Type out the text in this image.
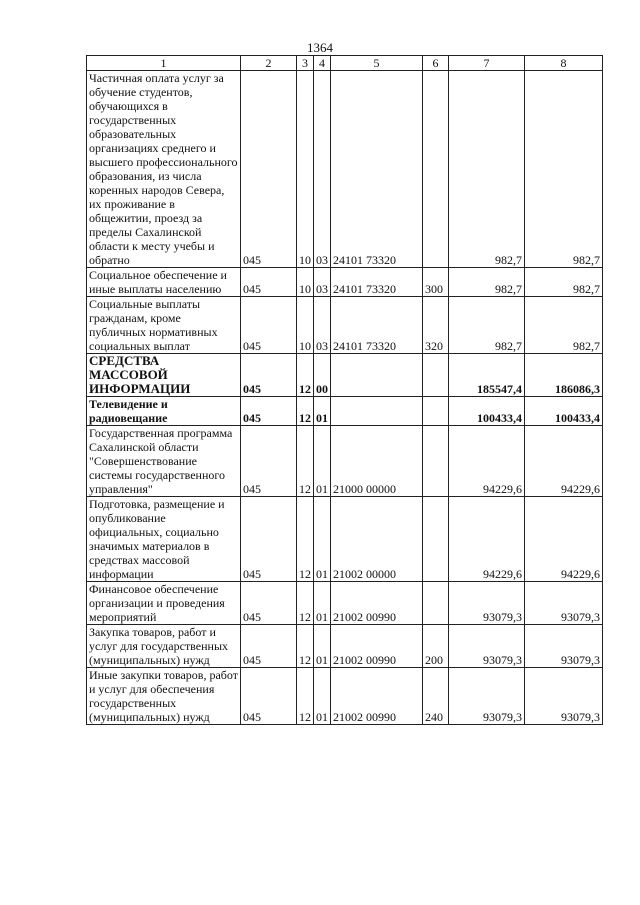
1364
1	2	3	4	5	6	7	8
Частичная оплата услуг за обучение студентов, обучающихся в государственных образовательных организациях среднего и высшего профессионального образования, из числа коренных народов Севера, их проживание в общежитии, проезд за пределы Сахалинской области к месту учебы и обратно	045	10	03	24101 73320		982,7	982,7
Социальное обеспечение и иные выплаты населению	045	10	03	24101 73320	300	982,7	982,7
Социальные выплаты гражданам, кроме публичных нормативных социальных выплат	045	10	03	24101 73320	320	982,7	982,7
СРЕДСТВА МАССОВОЙ ИНФОРМАЦИИ	045	12	00			185547,4	186086,3
Телевидение и радиовещание	045	12	01			100433,4	100433,4
Государственная программа Сахалинской области "Совершенствование системы государственного управления"	045	12	01	21000 00000		94229,6	94229,6
Подготовка, размещение и опубликование официальных, социально значимых материалов в средствах массовой информации	045	12	01	21002 00000		94229,6	94229,6
Финансовое обеспечение организации и проведения мероприятий	045	12	01	21002 00990		93079,3	93079,3
Закупка товаров, работ и услуг для государственных (муниципальных) нужд	045	12	01	21002 00990	200	93079,3	93079,3
Иные закупки товаров, работ и услуг для обеспечения государственных (муниципальных) нужд	045	12	01	21002 00990	240	93079,3	93079,3
